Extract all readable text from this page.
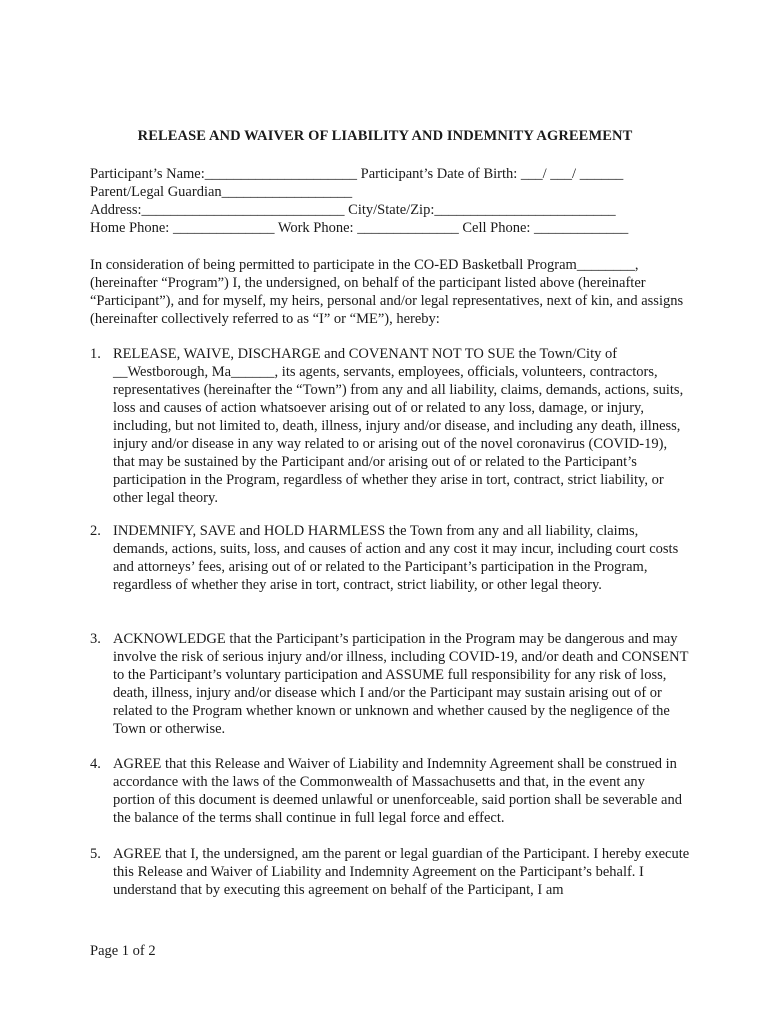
RELEASE AND WAIVER OF LIABILITY AND INDEMNITY AGREEMENT
Participant’s Name:_____________________ Participant’s Date of Birth: ___/ ___/ ______
Parent/Legal Guardian__________________
Address:____________________________ City/State/Zip:_________________________
Home Phone: ______________ Work Phone: ______________ Cell Phone: _____________
In consideration of being permitted to participate in the CO-ED Basketball Program________, (hereinafter “Program”) I, the undersigned, on behalf of the participant listed above (hereinafter “Participant”), and for myself, my heirs, personal and/or legal representatives, next of kin, and assigns (hereinafter collectively referred to as “I” or “ME”), hereby:
1. RELEASE, WAIVE, DISCHARGE and COVENANT NOT TO SUE the Town/City of __Westborough, Ma______, its agents, servants, employees, officials, volunteers, contractors, representatives (hereinafter the “Town”) from any and all liability, claims, demands, actions, suits, loss and causes of action whatsoever arising out of or related to any loss, damage, or injury, including, but not limited to, death, illness, injury and/or disease, and including any death, illness, injury and/or disease in any way related to or arising out of the novel coronavirus (COVID-19), that may be sustained by the Participant and/or arising out of or related to the Participant’s participation in the Program, regardless of whether they arise in tort, contract, strict liability, or other legal theory.
2. INDEMNIFY, SAVE and HOLD HARMLESS the Town from any and all liability, claims, demands, actions, suits, loss, and causes of action and any cost it may incur, including court costs and attorneys’ fees, arising out of or related to the Participant’s participation in the Program, regardless of whether they arise in tort, contract, strict liability, or other legal theory.
3. ACKNOWLEDGE that the Participant’s participation in the Program may be dangerous and may involve the risk of serious injury and/or illness, including COVID-19, and/or death and CONSENT to the Participant’s voluntary participation and ASSUME full responsibility for any risk of loss, death, illness, injury and/or disease which I and/or the Participant may sustain arising out of or related to the Program whether known or unknown and whether caused by the negligence of the Town or otherwise.
4. AGREE that this Release and Waiver of Liability and Indemnity Agreement shall be construed in accordance with the laws of the Commonwealth of Massachusetts and that, in the event any portion of this document is deemed unlawful or unenforceable, said portion shall be severable and the balance of the terms shall continue in full legal force and effect.
5. AGREE that I, the undersigned, am the parent or legal guardian of the Participant. I hereby execute this Release and Waiver of Liability and Indemnity Agreement on the Participant’s behalf. I understand that by executing this agreement on behalf of the Participant, I am
Page 1 of 2
